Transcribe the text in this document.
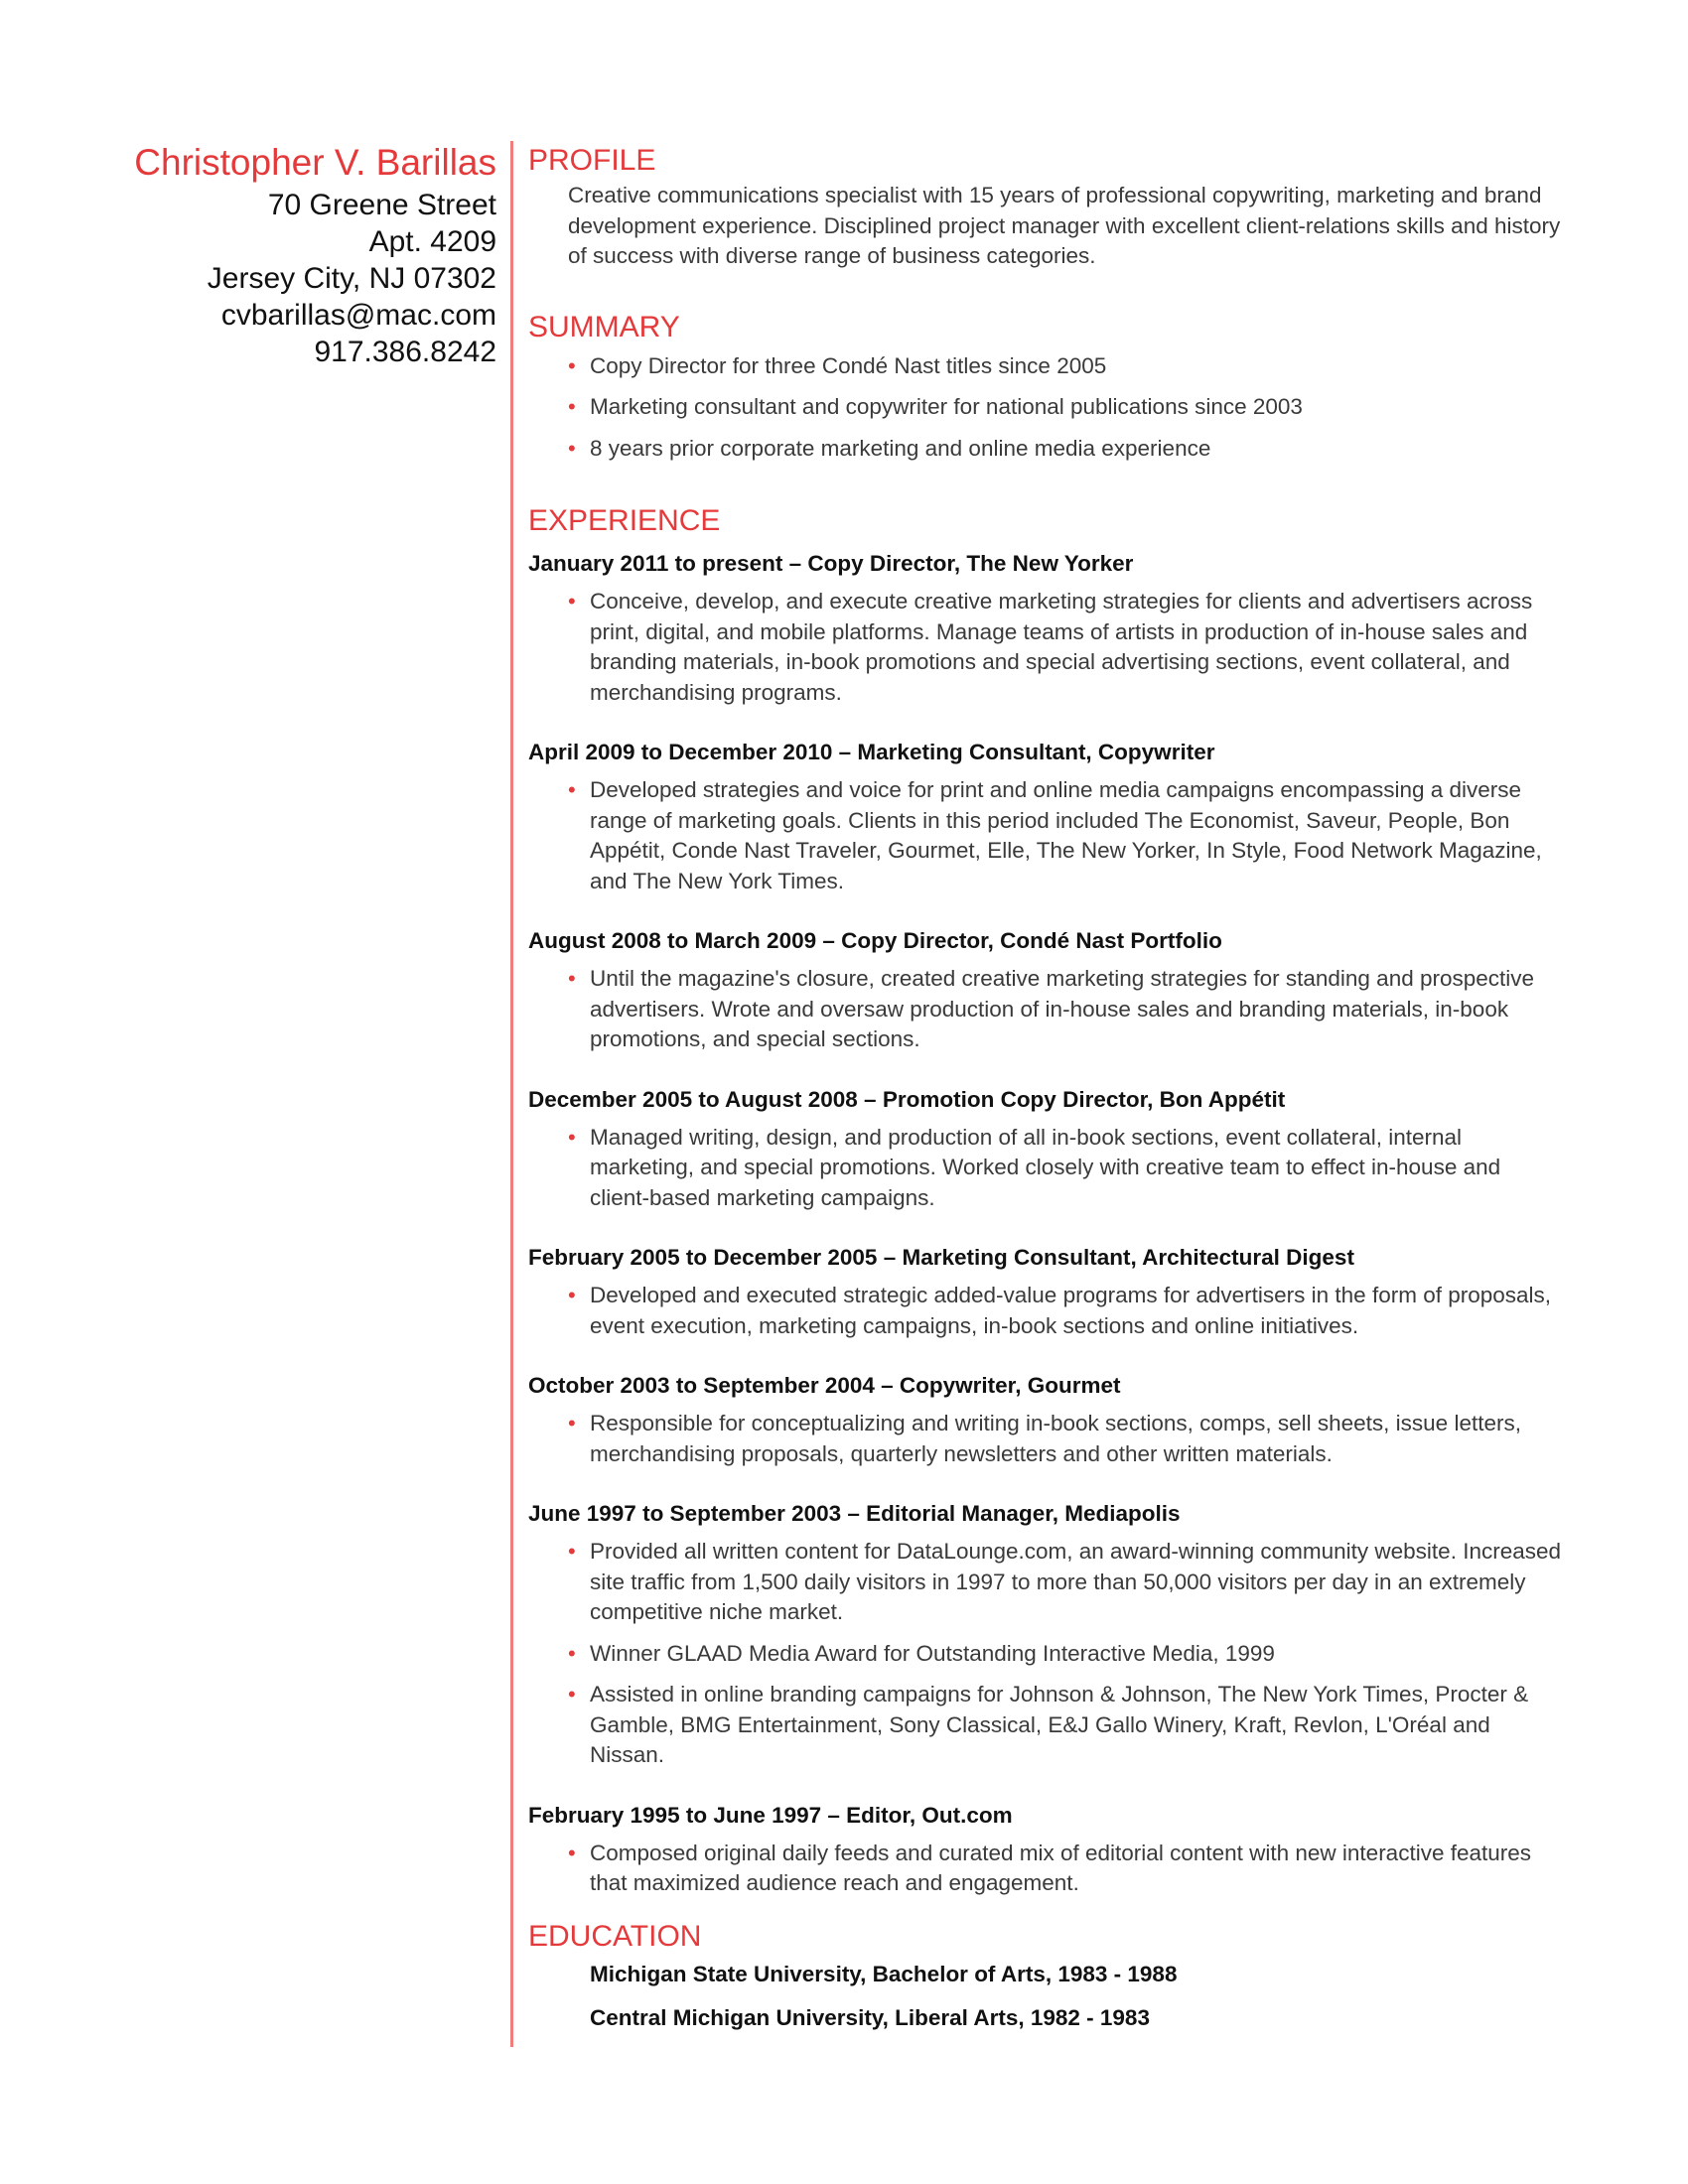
Christopher V. Barillas
70 Greene Street
Apt. 4209
Jersey City, NJ 07302
cvbarillas@mac.com
917.386.8242
PROFILE

Creative communications specialist with 15 years of professional copywriting, marketing and brand development experience. Disciplined project manager with excellent client-relations skills and history of success with diverse range of business categories.

SUMMARY
• Copy Director for three Condé Nast titles since 2005
• Marketing consultant and copywriter for national publications since 2003
• 8 years prior corporate marketing and online media experience
EXPERIENCE
January 2011 to present – Copy Director, The New Yorker
• Conceive, develop, and execute creative marketing strategies for clients and advertisers across print, digital, and mobile platforms. Manage teams of artists in production of in-house sales and branding materials, in-book promotions and special advertising sections, event collateral, and merchandising programs.
April 2009 to December 2010 – Marketing Consultant, Copywriter
• Developed strategies and voice for print and online media campaigns encompassing a diverse range of marketing goals. Clients in this period included The Economist, Saveur, People, Bon Appétit, Conde Nast Traveler, Gourmet, Elle, The New Yorker, In Style, Food Network Magazine, and The New York Times.
August 2008 to March 2009 – Copy Director, Condé Nast Portfolio
• Until the magazine's closure, created creative marketing strategies for standing and prospective advertisers. Wrote and oversaw production of in-house sales and branding materials, in-book promotions, and special sections.
December 2005 to August 2008 – Promotion Copy Director, Bon Appétit
• Managed writing, design, and production of all in-book sections, event collateral, internal marketing, and special promotions. Worked closely with creative team to effect in-house and client-based marketing campaigns.
February 2005 to December 2005 – Marketing Consultant, Architectural Digest
• Developed and executed strategic added-value programs for advertisers in the form of proposals, event execution, marketing campaigns, in-book sections and online initiatives.
October 2003 to September 2004 – Copywriter, Gourmet
• Responsible for conceptualizing and writing in-book sections, comps, sell sheets, issue letters, merchandising proposals, quarterly newsletters and other written materials.
June 1997 to September 2003 – Editorial Manager, Mediapolis
• Provided all written content for DataLounge.com, an award-winning community website. Increased site traffic from 1,500 daily visitors in 1997 to more than 50,000 visitors per day in an extremely competitive niche market.
• Winner GLAAD Media Award for Outstanding Interactive Media, 1999
• Assisted in online branding campaigns for Johnson & Johnson, The New York Times, Procter & Gamble, BMG Entertainment, Sony Classical, E&J Gallo Winery, Kraft, Revlon, L'Oréal and Nissan.
February 1995 to June 1997 – Editor, Out.com
• Composed original daily feeds and curated mix of editorial content with new interactive features that maximized audience reach and engagement.
EDUCATION
Michigan State University, Bachelor of Arts, 1983 - 1988
Central Michigan University, Liberal Arts, 1982 - 1983
